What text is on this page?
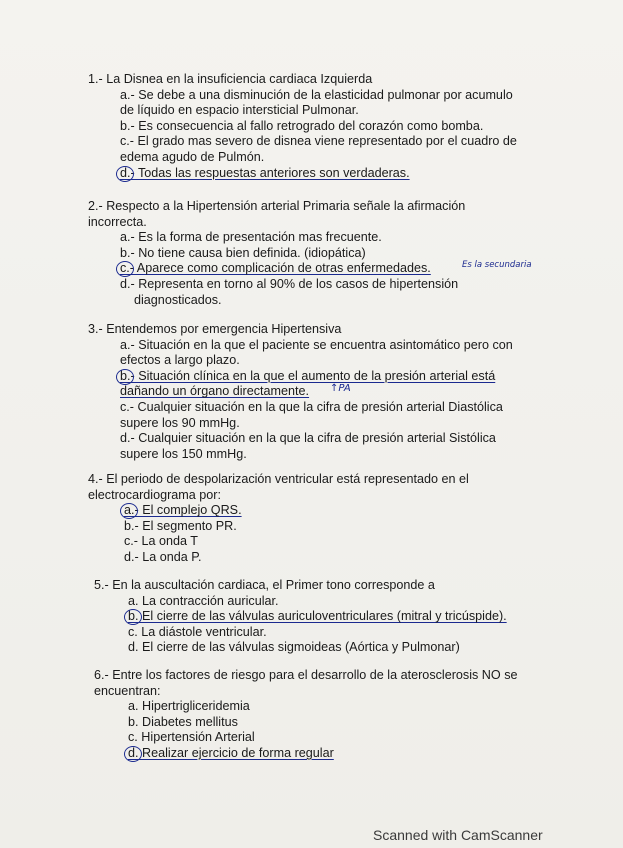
1.- La Disnea en la insuficiencia cardiaca Izquierda
a.- Se debe a una disminución de la elasticidad pulmonar por acumulo
de líquido en espacio intersticial Pulmonar.
b.- Es consecuencia al fallo retrogrado del corazón como bomba.
c.- El grado mas severo de disnea viene representado por el cuadro de
edema agudo de Pulmón.
d.- Todas las respuestas anteriores son verdaderas.
2.- Respecto a la Hipertensión arterial Primaria señale la afirmación
incorrecta.
a.- Es la forma de presentación mas frecuente.
b.- No tiene causa bien definida. (idiopática)
c.- Aparece como complicación de otras enfermedades.
d.- Representa en torno al 90% de los casos de hipertensión
diagnosticados.
Es la secundaria
3.- Entendemos por emergencia Hipertensiva
a.- Situación en la que el paciente se encuentra asintomático pero con
efectos a largo plazo.
b.- Situación clínica en la que el aumento de la presión arterial está
dañando un órgano directamente.
c.- Cualquier situación en la que la cifra de presión arterial Diastólica
supere los 90 mmHg.
d.- Cualquier situación en la que la cifra de presión arterial Sistólica
supere los 150 mmHg.
↑PA
4.- El periodo de despolarización ventricular está representado en el
electrocardiograma por:
a.- El complejo QRS.
b.- El segmento PR.
c.- La onda T
d.- La onda P.
5.- En la auscultación cardiaca, el Primer tono corresponde a
a. La contracción auricular.
b. El cierre de las válvulas auriculoventriculares (mitral y tricúspide).
c. La diástole ventricular.
d. El cierre de las válvulas sigmoideas (Aórtica y Pulmonar)
6.- Entre los factores de riesgo para el desarrollo de la aterosclerosis NO se
encuentran:
a. Hipertrigliceridemia
b. Diabetes mellitus
c. Hipertensión Arterial
d. Realizar ejercicio de forma regular
Scanned with CamScanner
